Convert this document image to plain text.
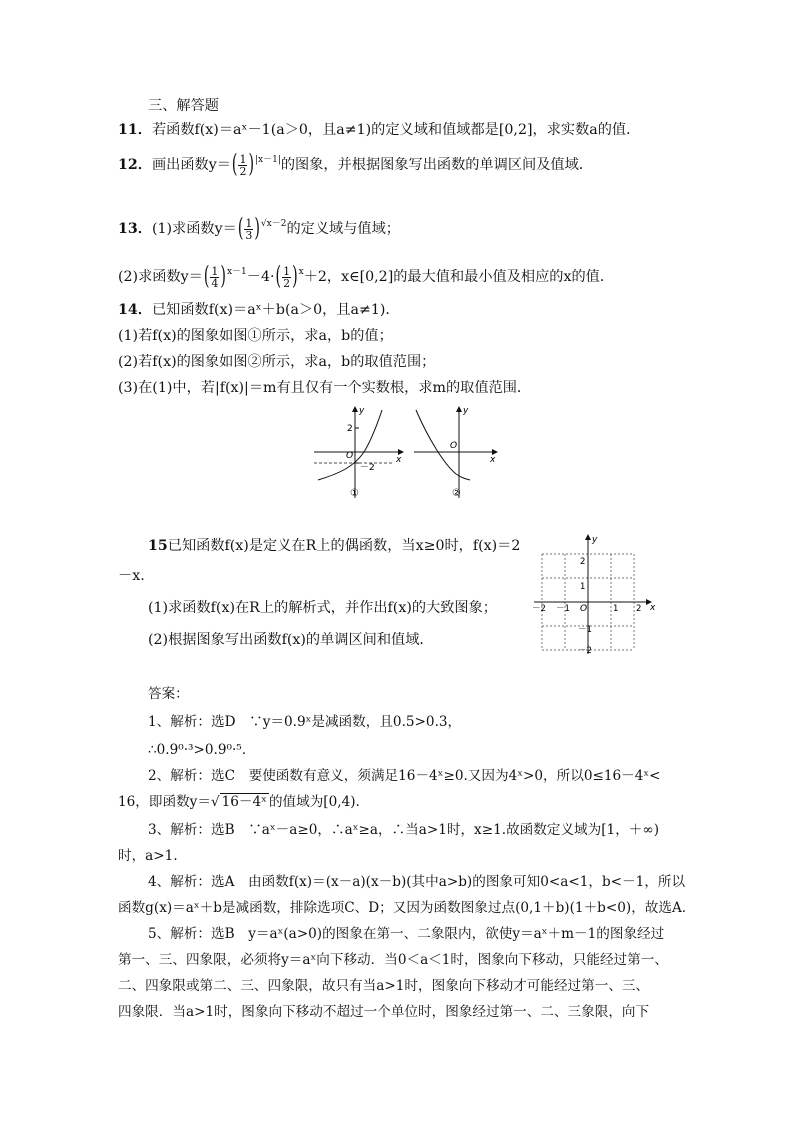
三、解答题
11．若函数f(x)＝aˣ－1(a＞0，且a≠1)的定义域和值域都是[0,2]，求实数a的值．
12．画出函数$y=( \frac{1}{2} )^{|x-1|}$的图象，并根据图象写出函数的单调区间及值域．
13．(1)求函数$y=( \frac{1}{3} )^{√x-2}$的定义域与值域；
(2)求函数$y=( \frac{1}{4} )^{x-1}-4\cdot( \frac{1}{2} )^x+2$，x∈[0,2]的最大值和最小值及相应的x的值．
14．已知函数f(x)＝aˣ＋b(a＞0，且a≠1)．
(1)若f(x)的图象如图①所示，求a，b的值；
(2)若f(x)的图象如图②所示，求a，b的取值范围；
(3)在(1)中，若|f(x)|＝m有且仅有一个实数根，求m的取值范围．
y
x
O
2
－2
①
y
x
O
②
15已知函数f(x)是定义在R上的偶函数，当x≥0时，f(x)＝2
－x.
(1)求函数f(x)在R上的解析式，并作出f(x)的大致图象；
(2)根据图象写出函数f(x)的单调区间和值域．
y
x
O
－2 －1	1 2
2
1
－1
－2
答案：
1、解析：选D　∵y＝0.9ˣ是减函数，且0.5>0.3，
∴0.9⁰·³>0.9⁰·⁵.
2、解析：选C　要使函数有意义，须满足16－4ˣ≥0.又因为4ˣ>0，所以0≤16－4ˣ<
16，即函数y＝√ 16－4ˣ 的值域为[0,4).
3、解析：选B　∵aˣ－a≥0，∴aˣ≥a，∴当a>1时，x≥1.故函数定义域为[1，＋∞)
时，a>1.
4、解析：选A　由函数f(x)＝(x－a)(x－b)(其中a>b)的图象可知0<a<1，b<－1，所以
函数g(x)＝aˣ＋b是减函数，排除选项C、D；又因为函数图象过点(0,1＋b)(1＋b<0)，故选A.
5、解析：选B　y＝aˣ(a>0)的图象在第一、二象限内，欲使y＝aˣ＋m－1的图象经过
第一、三、四象限，必须将y＝aˣ向下移动．当0＜a＜1时，图象向下移动，只能经过第一、
二、四象限或第二、三、四象限，故只有当a>1时，图象向下移动才可能经过第一、三、
四象限．当a>1时，图象向下移动不超过一个单位时，图象经过第一、二、三象限，向下
